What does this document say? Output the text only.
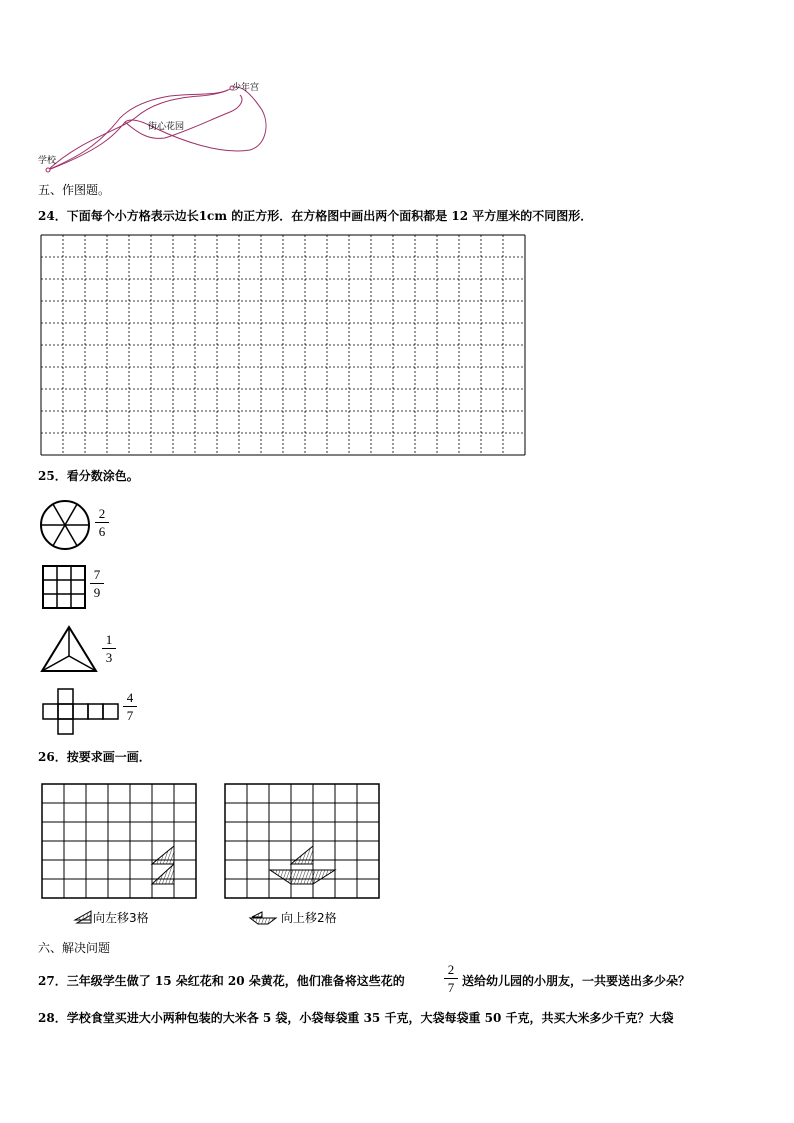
少年宫
街心花园
学校
五、作图题。
24．下面每个小方格表示边长1cm 的正方形．在方格图中画出两个面积都是 12 平方厘米的不同图形．
25．看分数涂色。
2
6
7
9
1
3
4
7
26．按要求画一画．
向左移3格	向上移2格
六、解决问题
27．三年级学生做了 15 朵红花和 20 朵黄花，他们准备将这些花的
2
7 送给幼儿园的小朋友，一共要送出多少朵？
28．学校食堂买进大小两种包装的大米各 5 袋，小袋每袋重 35 千克，大袋每袋重 50 千克，共买大米多少千克？大袋
